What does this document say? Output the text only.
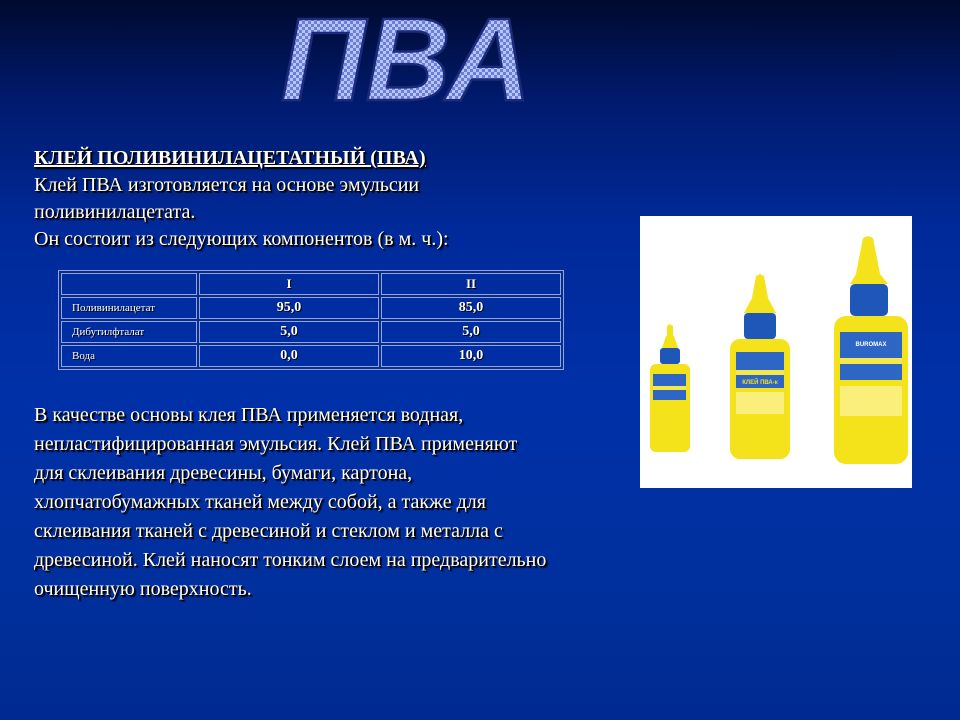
ПВА
КЛЕЙ ПОЛИВИНИЛАЦЕТАТНЫЙ (ПВА)
Клей ПВА изготовляется на основе эмульсии
поливинилацетата.
Он состоит из следующих компонентов (в м. ч.):
	I	II
Поливинилацетат	95,0	85,0
Дибутилфталат	5,0	5,0
Вода	0,0	10,0
В качестве основы клея ПВА применяется водная,
непластифицированная эмульсия. Клей ПВА применяют
для склеивания древесины, бумаги, картона,
хлопчатобумажных тканей между собой, а также для
склеивания тканей с древесиной и стеклом и металла с
древесиной. Клей наносят тонким слоем на предварительно
очищенную поверхность.
КЛЕЙ ПВА-к
BUROMAX
